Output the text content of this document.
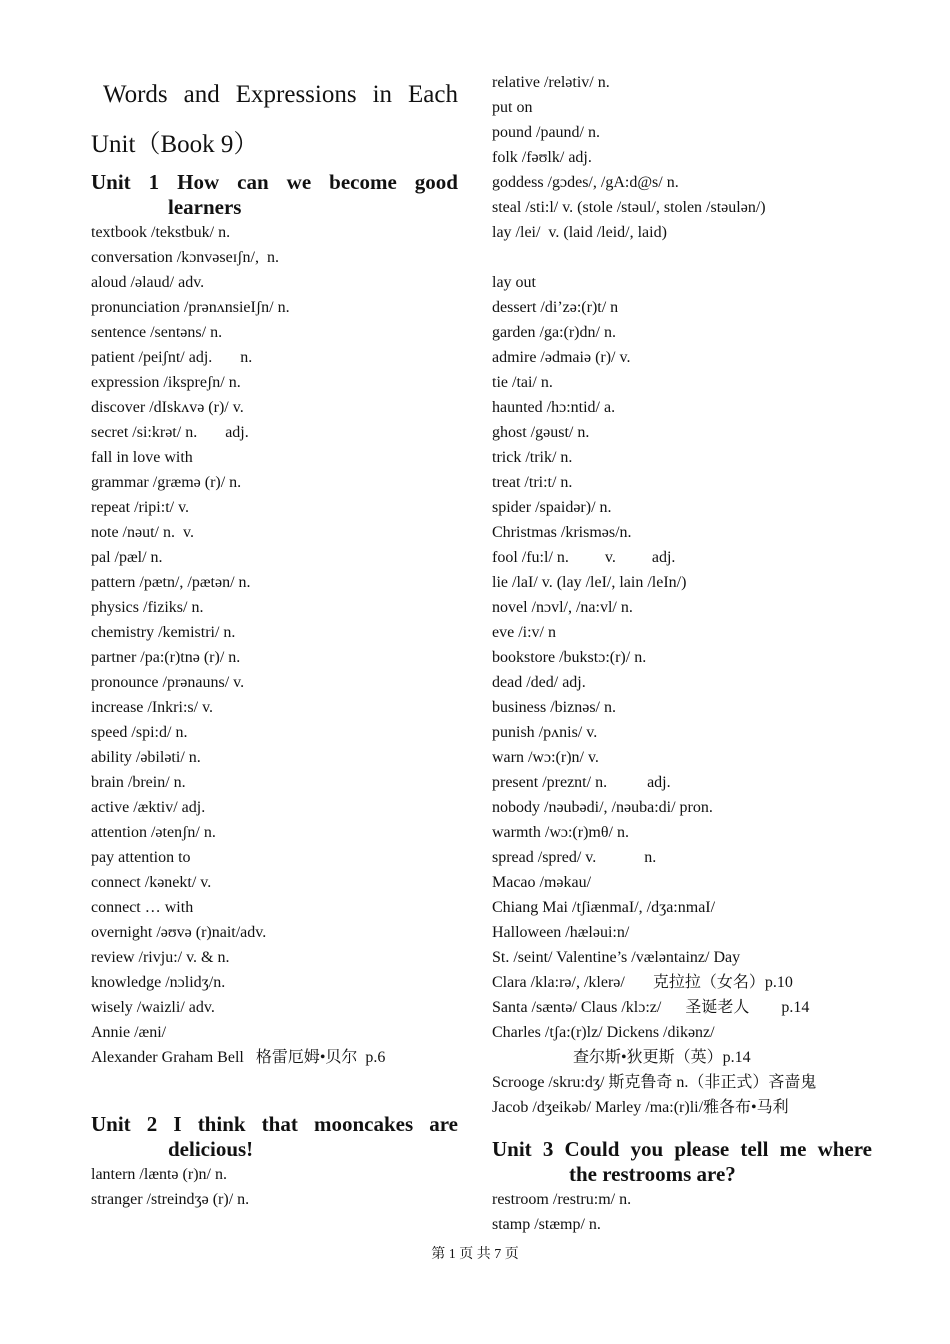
Words and Expressions in Each
Unit（Book 9）
Unit 1 How can we become good
learners
textbook /tekstbuk/ n.
conversation /kɔnvəseɪʃn/,  n.
aloud /əlaud/ adv.
pronunciation /prənʌnsieIʃn/ n.
sentence /sentəns/ n.
patient /peiʃnt/ adj.       n.
expression /ikspreʃn/ n.
discover /dIskʌvə (r)/ v.
secret /si:krət/ n.       adj.
fall in love with
grammar /græmə (r)/ n.
repeat /ripi:t/ v.
note /nəut/ n.  v.
pal /pæl/ n.
pattern /pætn/, /pætən/ n.
physics /fiziks/ n.
chemistry /kemistri/ n.
partner /pa:(r)tnə (r)/ n.
pronounce /prənauns/ v.
increase /Inkri:s/ v.
speed /spi:d/ n.
ability /əbiləti/ n.
brain /brein/ n.
active /æktiv/ adj.
attention /ətenʃn/ n.
pay attention to
connect /kənekt/ v.
connect … with
overnight /əʊvə (r)nait/adv.
review /rivju:/ v. & n.
knowledge /nɔlidʒ/n.
wisely /waizli/ adv.
Annie /æni/
Alexander Graham Bell   格雷厄姆•贝尔  p.6
Unit 2 I think that mooncakes are
delicious!
lantern /læntə (r)n/ n.
stranger /streindʒə (r)/ n.
relative /relətiv/ n.
put on
pound /paund/ n.
folk /fəʊlk/ adj.
goddess /gɔdes/, /gA:d@s/ n.
steal /sti:l/ v. (stole /stəul/, stolen /stəulən/)
lay /lei/  v. (laid /leid/, laid)
lay out
dessert /di’zə:(r)t/ n
garden /ga:(r)dn/ n.
admire /ədmaiə (r)/ v.
tie /tai/ n.
haunted /hɔ:ntid/ a.
ghost /gəust/ n.
trick /trik/ n.
treat /tri:t/ n.
spider /spaidər)/ n.
Christmas /krisməs/n.
fool /fu:l/ n.         v.         adj.
lie /laI/ v. (lay /leI/, lain /leIn/)
novel /nɔvl/, /na:vl/ n.
eve /i:v/ n
bookstore /bukstɔ:(r)/ n.
dead /ded/ adj.
business /biznəs/ n.
punish /pʌnis/ v.
warn /wɔ:(r)n/ v.
present /preznt/ n.          adj.
nobody /nəubədi/, /nəuba:di/ pron.
warmth /wɔ:(r)mθ/ n.
spread /spred/ v.            n.
Macao /məkau/
Chiang Mai /tʃiænmaI/, /dʒa:nmaI/
Halloween /hæləui:n/
St. /seint/ Valentine’s /væləntainz/ Day
Clara /kla:rə/, /klerə/       克拉拉（女名）p.10
Santa /sæntə/ Claus /klɔ:z/      圣诞老人        p.14
Charles /tʃa:(r)lz/ Dickens /dikənz/
查尔斯•狄更斯（英）p.14
Scrooge /skru:dʒ/ 斯克鲁奇 n.（非正式）吝啬鬼
Jacob /dʒeikəb/ Marley /ma:(r)li/雅各布•马利
Unit 3 Could you please tell me where
the restrooms are?
restroom /restru:m/ n.
stamp /stæmp/ n.
第 1 页 共 7 页
